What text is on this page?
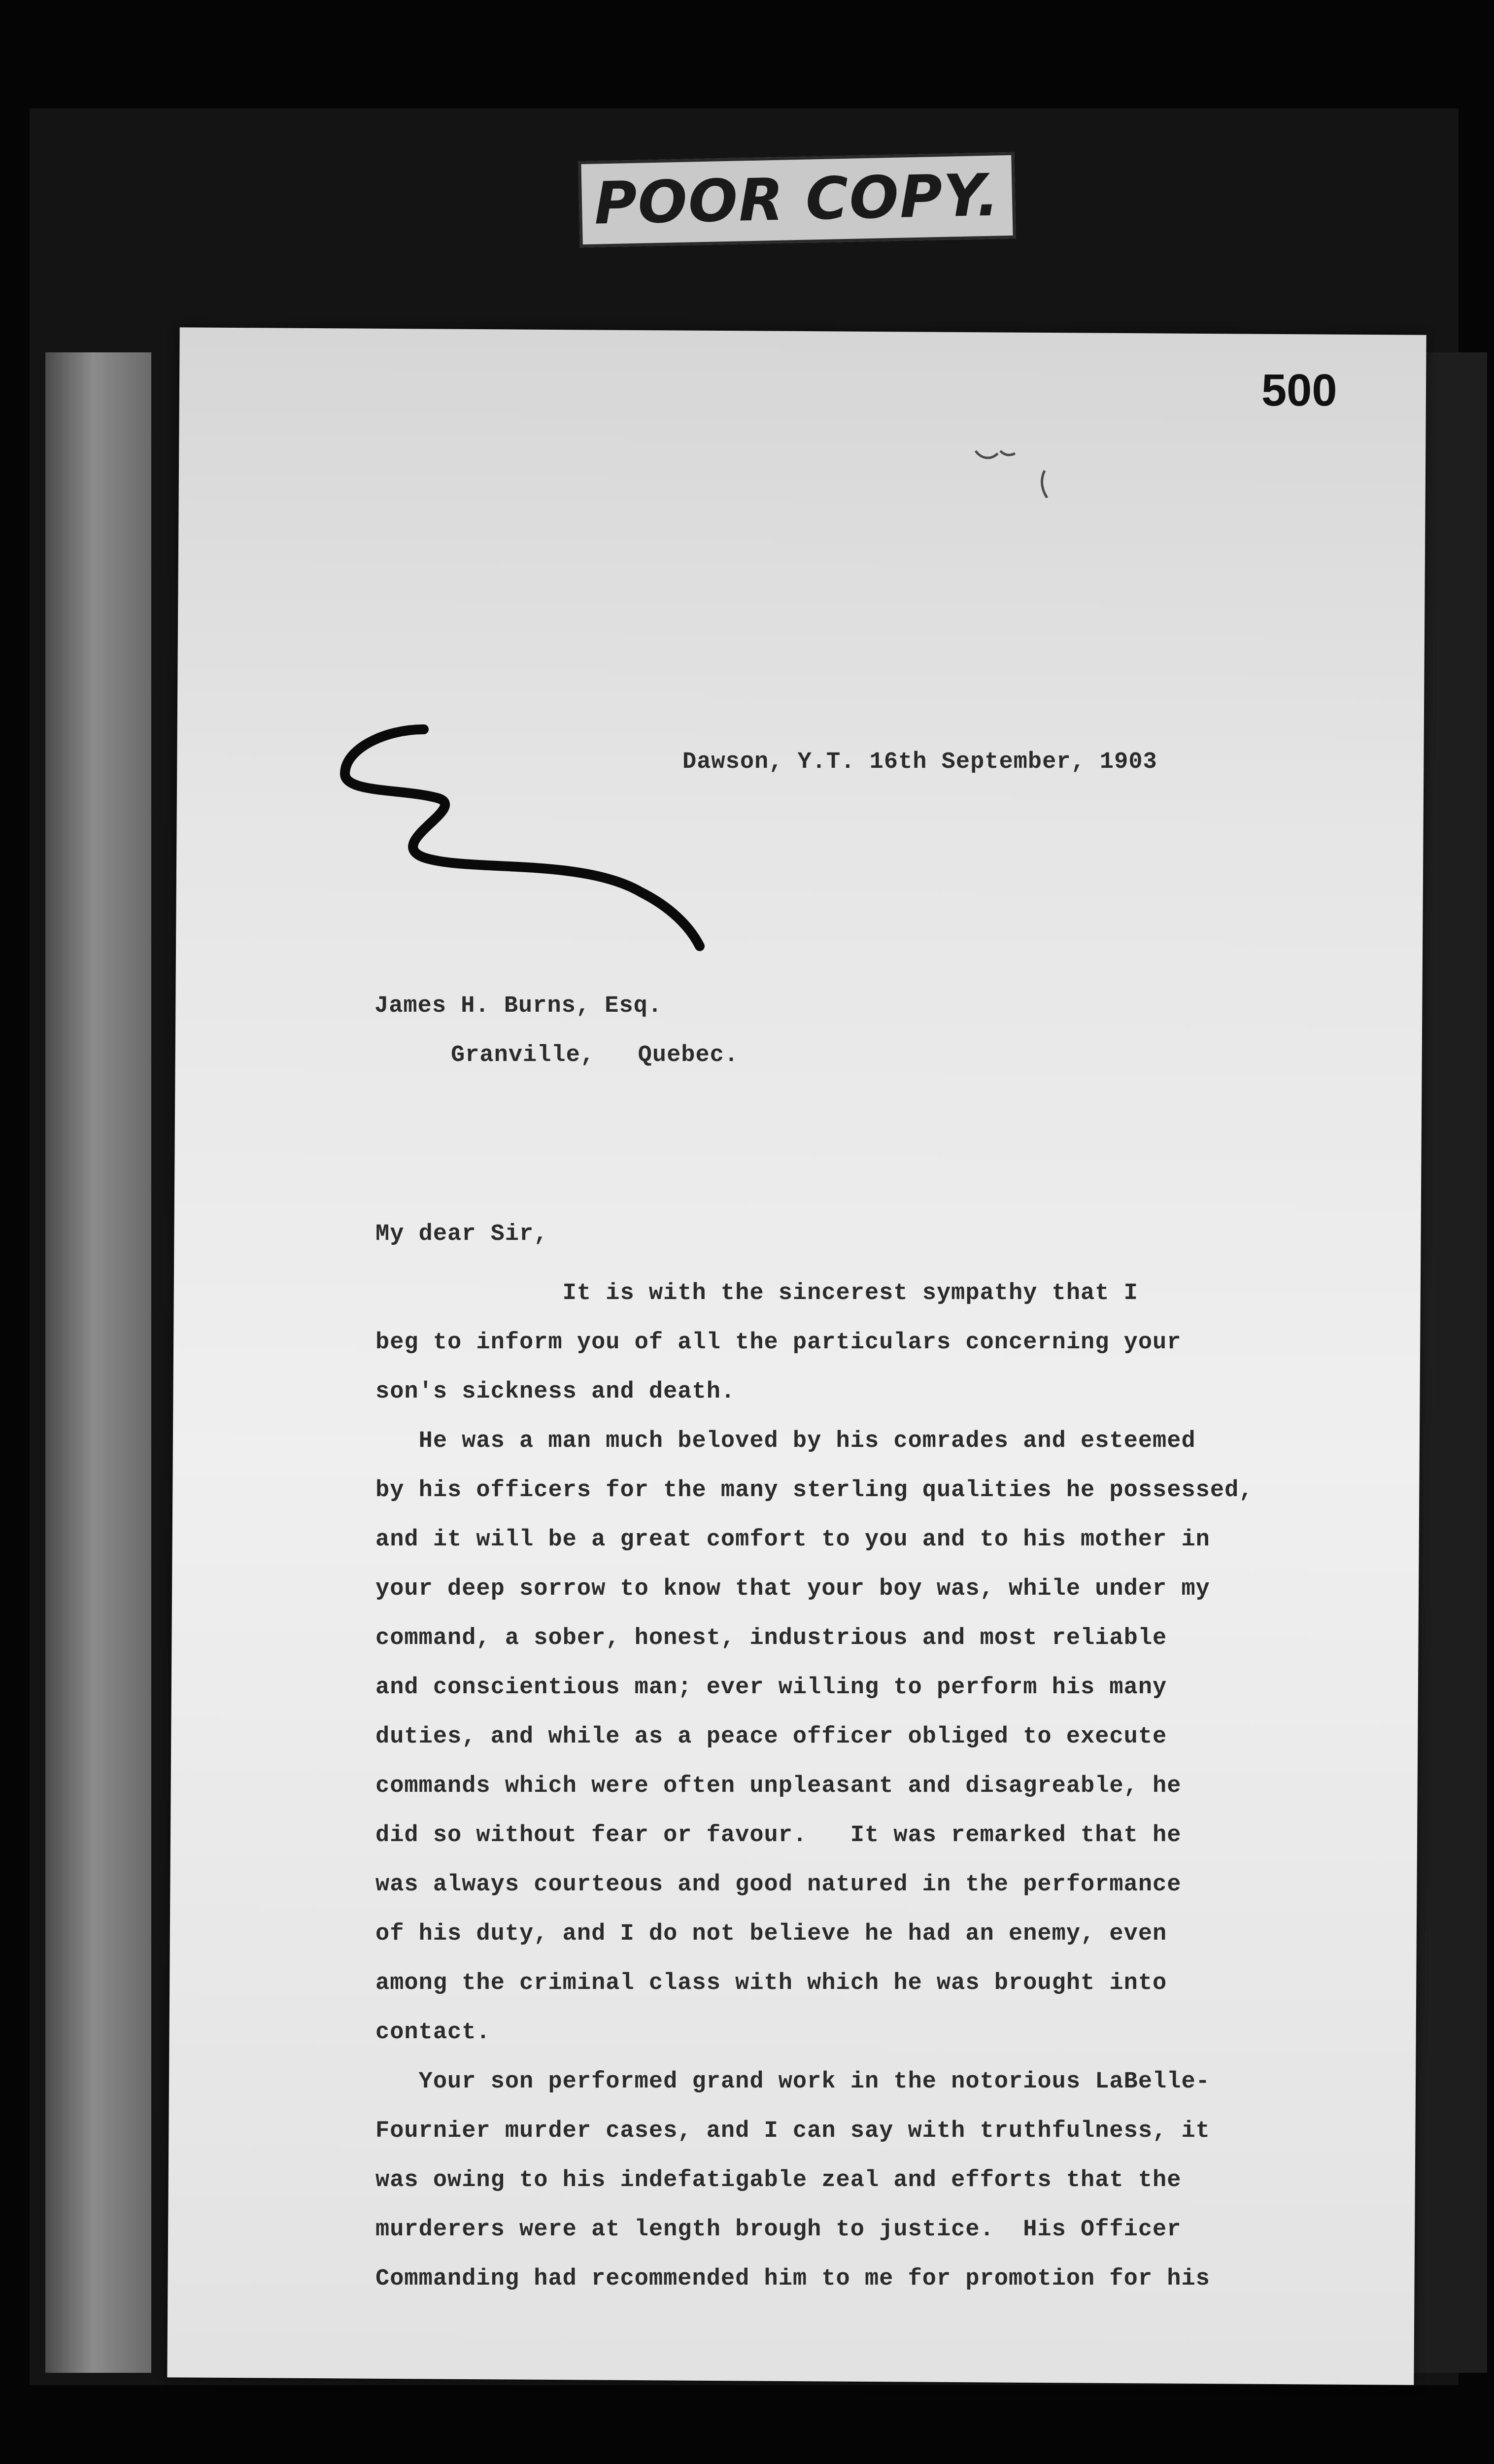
POOR COPY.
500
Dawson, Y.T. 16th September, 1903
James H. Burns, Esq.
Granville,   Quebec.
My dear Sir,
It is with the sincerest sympathy that I
beg to inform you of all the particulars concerning your
son's sickness and death.
He was a man much beloved by his comrades and esteemed
by his officers for the many sterling qualities he possessed,
and it will be a great comfort to you and to his mother in
your deep sorrow to know that your boy was, while under my
command, a sober, honest, industrious and most reliable
and conscientious man; ever willing to perform his many
duties, and while as a peace officer obliged to execute
commands which were often unpleasant and disagreable, he
did so without fear or favour.   It was remarked that he
was always courteous and good natured in the performance
of his duty, and I do not believe he had an enemy, even
among the criminal class with which he was brought into
contact.
Your son performed grand work in the notorious LaBelle-
Fournier murder cases, and I can say with truthfulness, it
was owing to his indefatigable zeal and efforts that the
murderers were at length brough to justice.  His Officer
Commanding had recommended him to me for promotion for his
